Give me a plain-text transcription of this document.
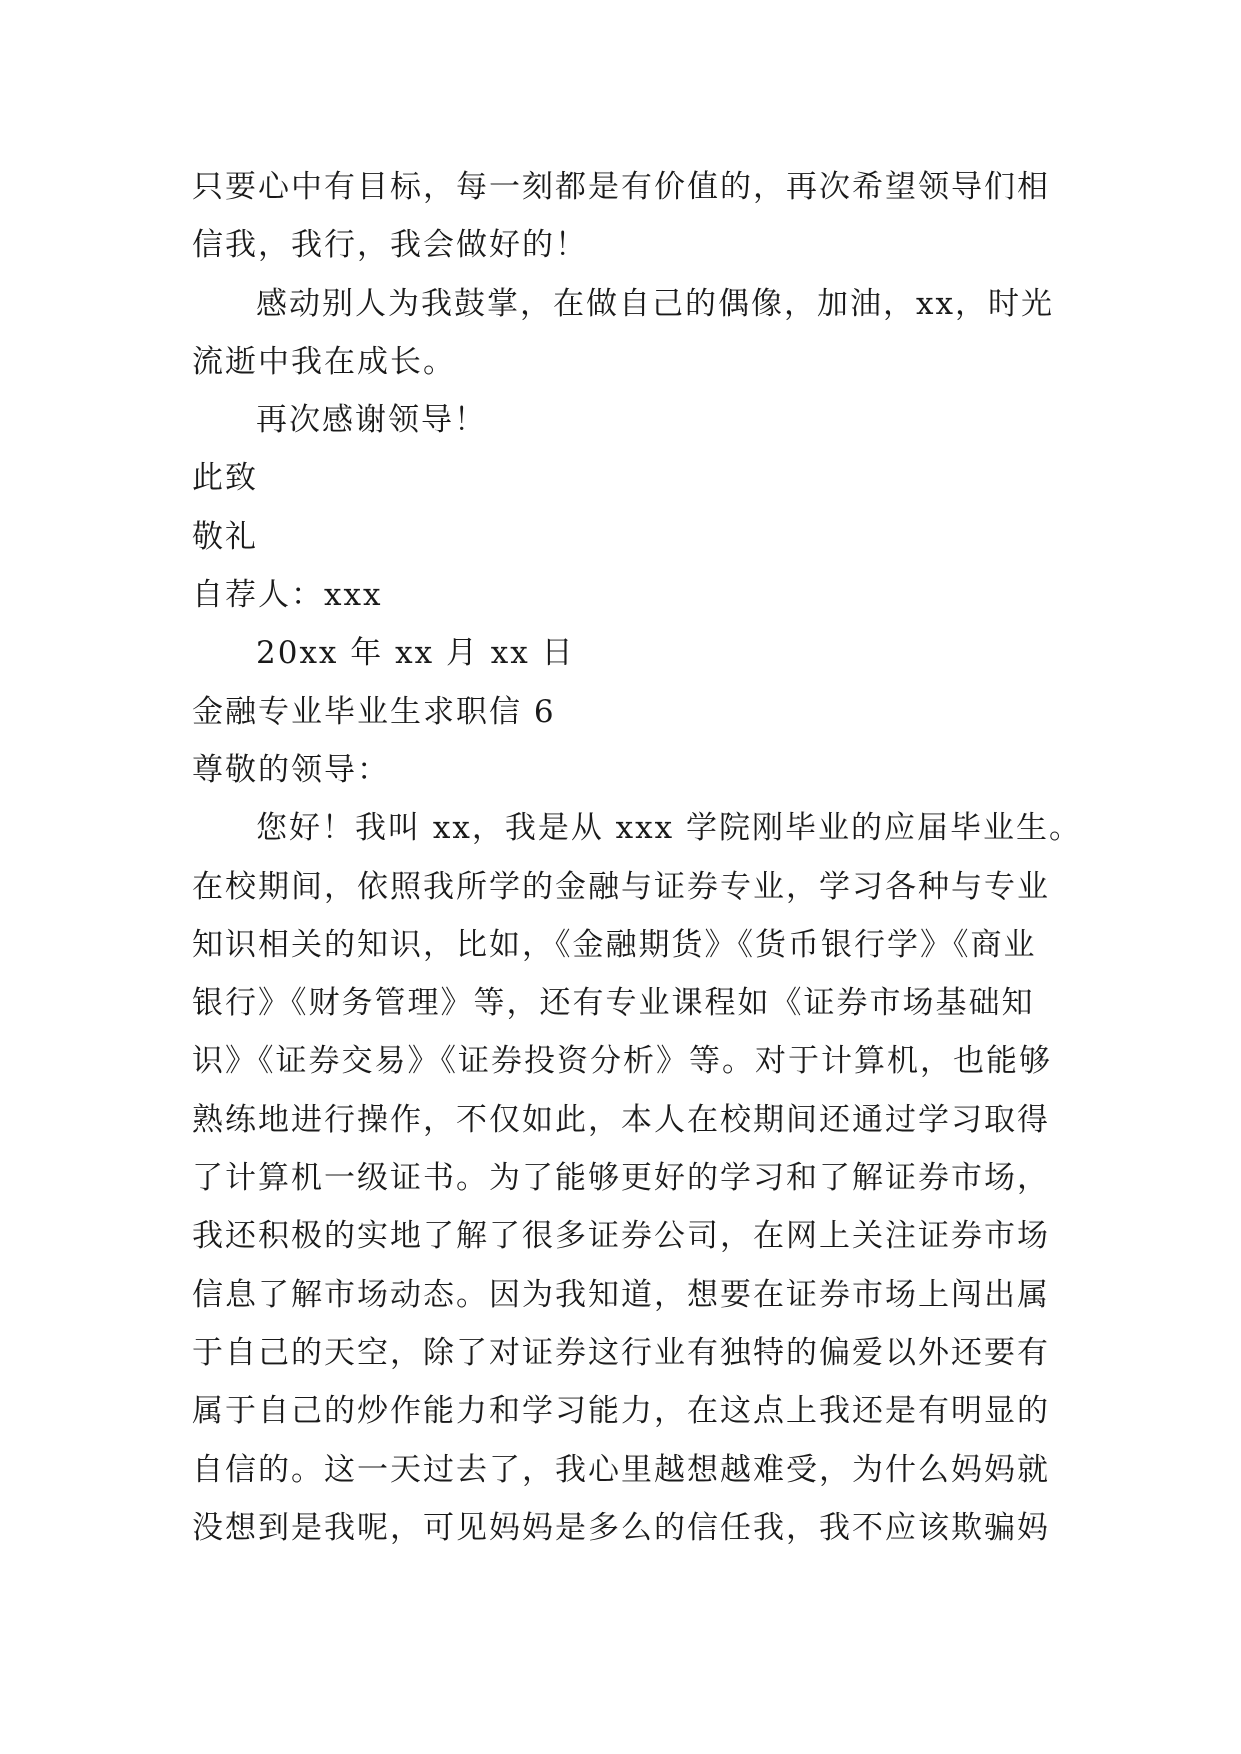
只要心中有目标，每一刻都是有价值的，再次希望领导们相
信我，我行，我会做好的！
感动别人为我鼓掌，在做自己的偶像，加油，xx，时光
流逝中我在成长。
再次感谢领导！
此致
敬礼
自荐人：xxx
20xx 年 xx 月 xx 日
金融专业毕业生求职信 6
尊敬的领导：
您好！我叫 xx，我是从 xxx 学院刚毕业的应届毕业生。
在校期间，依照我所学的金融与证券专业，学习各种与专业
知识相关的知识，比如，《金融期货》《货币银行学》《商业
银行》《财务管理》等，还有专业课程如《证券市场基础知
识》《证券交易》《证券投资分析》等。对于计算机，也能够
熟练地进行操作，不仅如此，本人在校期间还通过学习取得
了计算机一级证书。为了能够更好的学习和了解证券市场，
我还积极的实地了解了很多证券公司，在网上关注证券市场
信息了解市场动态。因为我知道，想要在证券市场上闯出属
于自己的天空，除了对证券这行业有独特的偏爱以外还要有
属于自己的炒作能力和学习能力，在这点上我还是有明显的
自信的。这一天过去了，我心里越想越难受，为什么妈妈就
没想到是我呢，可见妈妈是多么的信任我，我不应该欺骗妈
